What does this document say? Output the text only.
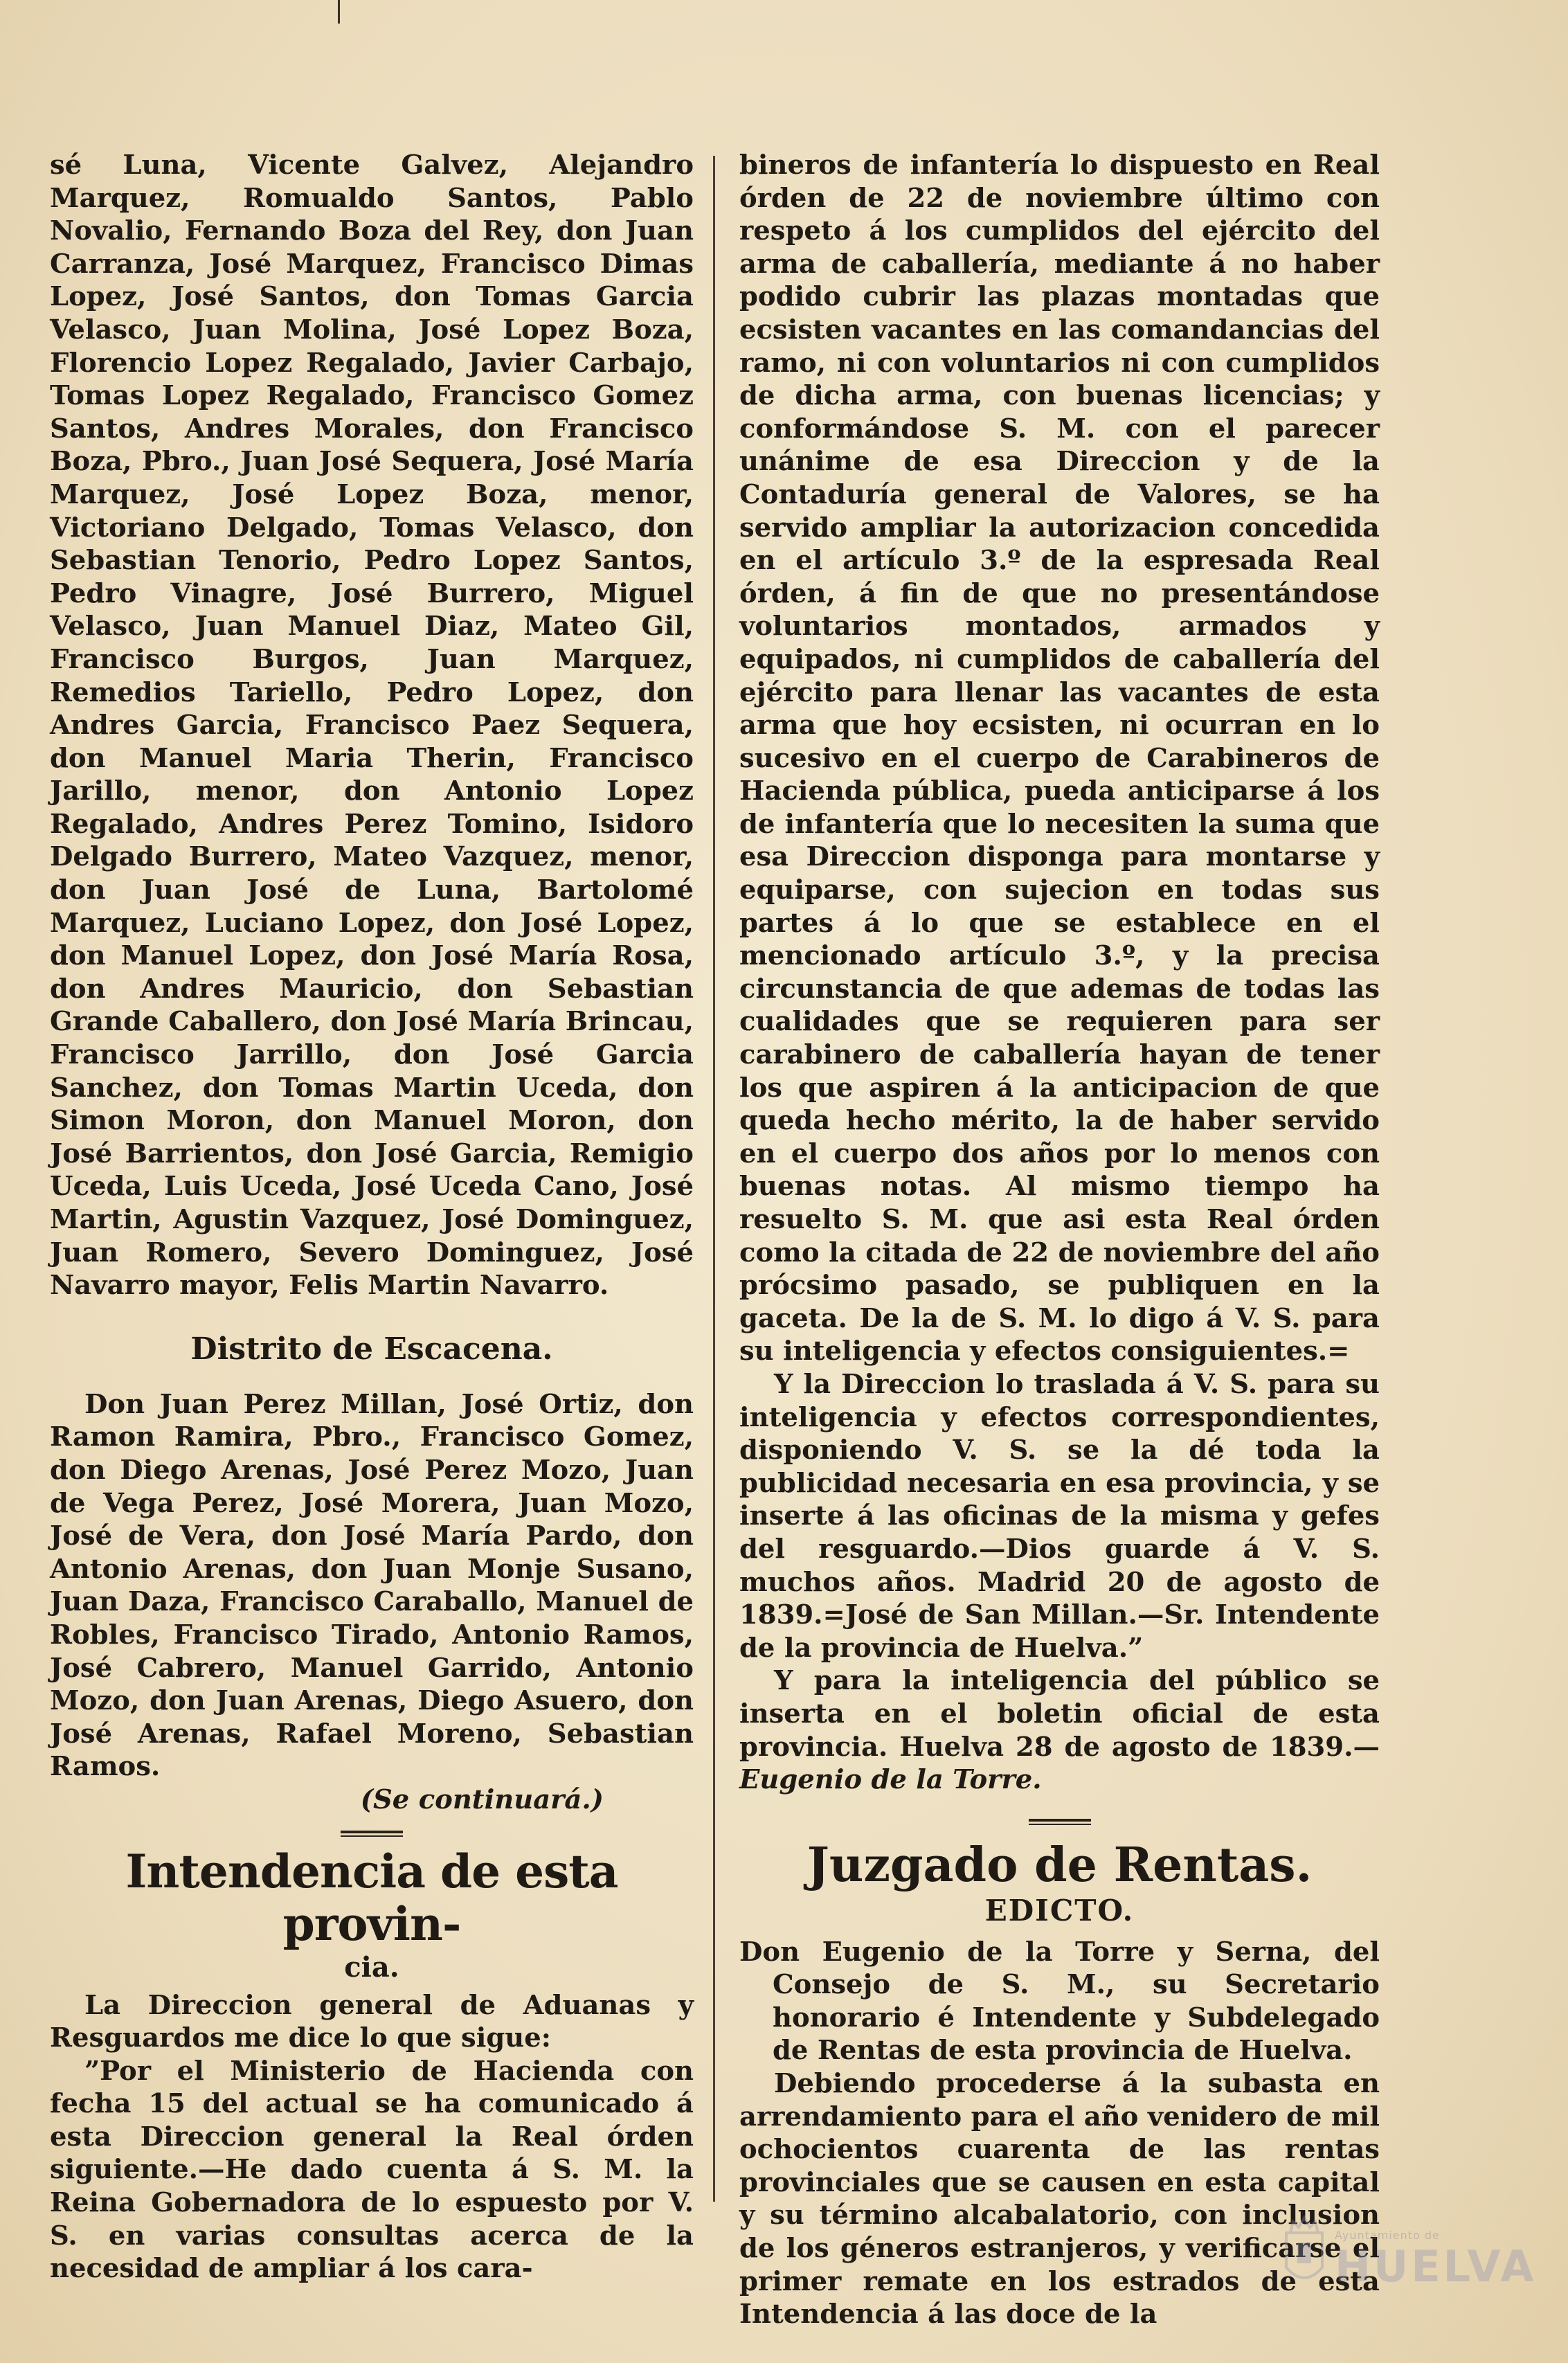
sé Luna, Vicente Galvez, Alejandro Marquez, Romualdo Santos, Pablo Novalio, Fernando Boza del Rey, don Juan Carranza, José Marquez, Francisco Dimas Lopez, José Santos, don Tomas Garcia Velasco, Juan Molina, José Lopez Boza, Florencio Lopez Regalado, Javier Carbajo, Tomas Lopez Regalado, Francisco Gomez Santos, Andres Morales, don Francisco Boza, Pbro., Juan José Sequera, José María Marquez, José Lopez Boza, menor, Victoriano Delgado, Tomas Velasco, don Sebastian Tenorio, Pedro Lopez Santos, Pedro Vinagre, José Burrero, Miguel Velasco, Juan Manuel Diaz, Mateo Gil, Francisco Burgos, Juan Marquez, Remedios Tariello, Pedro Lopez, don Andres Garcia, Francisco Paez Sequera, don Manuel Maria Therin, Francisco Jarillo, menor, don Antonio Lopez Regalado, Andres Perez Tomino, Isidoro Delgado Burrero, Mateo Vazquez, menor, don Juan José de Luna, Bartolomé Marquez, Luciano Lopez, don José Lopez, don Manuel Lopez, don José María Rosa, don Andres Mauricio, don Sebastian Grande Caballero, don José María Brincau, Francisco Jarrillo, don José Garcia Sanchez, don Tomas Martin Uceda, don Simon Moron, don Manuel Moron, don José Barrientos, don José Garcia, Remigio Uceda, Luis Uceda, José Uceda Cano, José Martin, Agustin Vazquez, José Dominguez, Juan Romero, Severo Dominguez, José Navarro mayor, Felis Martin Navarro.

Distrito de Escacena.

Don Juan Perez Millan, José Ortiz, don Ramon Ramira, Pbro., Francisco Gomez, don Diego Arenas, José Perez Mozo, Juan de Vega Perez, José Morera, Juan Mozo, José de Vera, don José María Pardo, don Antonio Arenas, don Juan Monje Susano, Juan Daza, Francisco Caraballo, Manuel de Robles, Francisco Tirado, Antonio Ramos, José Cabrero, Manuel Garrido, Antonio Mozo, don Juan Arenas, Diego Asuero, don José Arenas, Rafael Moreno, Sebastian Ramos.

(Se continuará.)

Intendencia de esta provin-
cia.

La Direccion general de Aduanas y Resguardos me dice lo que sigue:

”Por el Ministerio de Hacienda con fecha 15 del actual se ha comunicado á esta Direccion general la Real órden siguiente.—He dado cuenta á S. M. la Reina Gobernadora de lo espuesto por V. S. en varias consultas acerca de la necesidad de ampliar á los cara-

bineros de infantería lo dispuesto en Real órden de 22 de noviembre último con respeto á los cumplidos del ejército del arma de caballería, mediante á no haber podido cubrir las plazas montadas que ecsisten vacantes en las comandancias del ramo, ni con voluntarios ni con cumplidos de dicha arma, con buenas licencias; y conformándose S. M. con el parecer unánime de esa Direccion y de la Contaduría general de Valores, se ha servido ampliar la autorizacion concedida en el artículo 3.º de la espresada Real órden, á fin de que no presentándose voluntarios montados, armados y equipados, ni cumplidos de caballería del ejército para llenar las vacantes de esta arma que hoy ecsisten, ni ocurran en lo sucesivo en el cuerpo de Carabineros de Hacienda pública, pueda anticiparse á los de infantería que lo necesiten la suma que esa Direccion disponga para montarse y equiparse, con sujecion en todas sus partes á lo que se establece en el mencionado artículo 3.º, y la precisa circunstancia de que ademas de todas las cualidades que se requieren para ser carabinero de caballería hayan de tener los que aspiren á la anticipacion de que queda hecho mérito, la de haber servido en el cuerpo dos años por lo menos con buenas notas. Al mismo tiempo ha resuelto S. M. que asi esta Real órden como la citada de 22 de noviembre del año prócsimo pasado, se publiquen en la gaceta. De la de S. M. lo digo á V. S. para su inteligencia y efectos consiguientes.=

Y la Direccion lo traslada á V. S. para su inteligencia y efectos correspondientes, disponiendo V. S. se la dé toda la publicidad necesaria en esa provincia, y se inserte á las oficinas de la misma y gefes del resguardo.—Dios guarde á V. S. muchos años. Madrid 20 de agosto de 1839.=José de San Millan.—Sr. Intendente de la provincia de Huelva.”

Y para la inteligencia del público se inserta en el boletin oficial de esta provincia. Huelva 28 de agosto de 1839.—Eugenio de la Torre.

Juzgado de Rentas.
EDICTO.

Don Eugenio de la Torre y Serna, del Consejo de S. M., su Secretario honorario é Intendente y Subdelegado de Rentas de esta provincia de Huelva.

Debiendo procederse á la subasta en arrendamiento para el año venidero de mil ochocientos cuarenta de las rentas provinciales que se causen en esta capital y su término alcabalatorio, con inclusion de los géneros estranjeros, y verificarse el primer remate en los estrados de esta Intendencia á las doce de la

Ayuntamiento de
HUELVA
